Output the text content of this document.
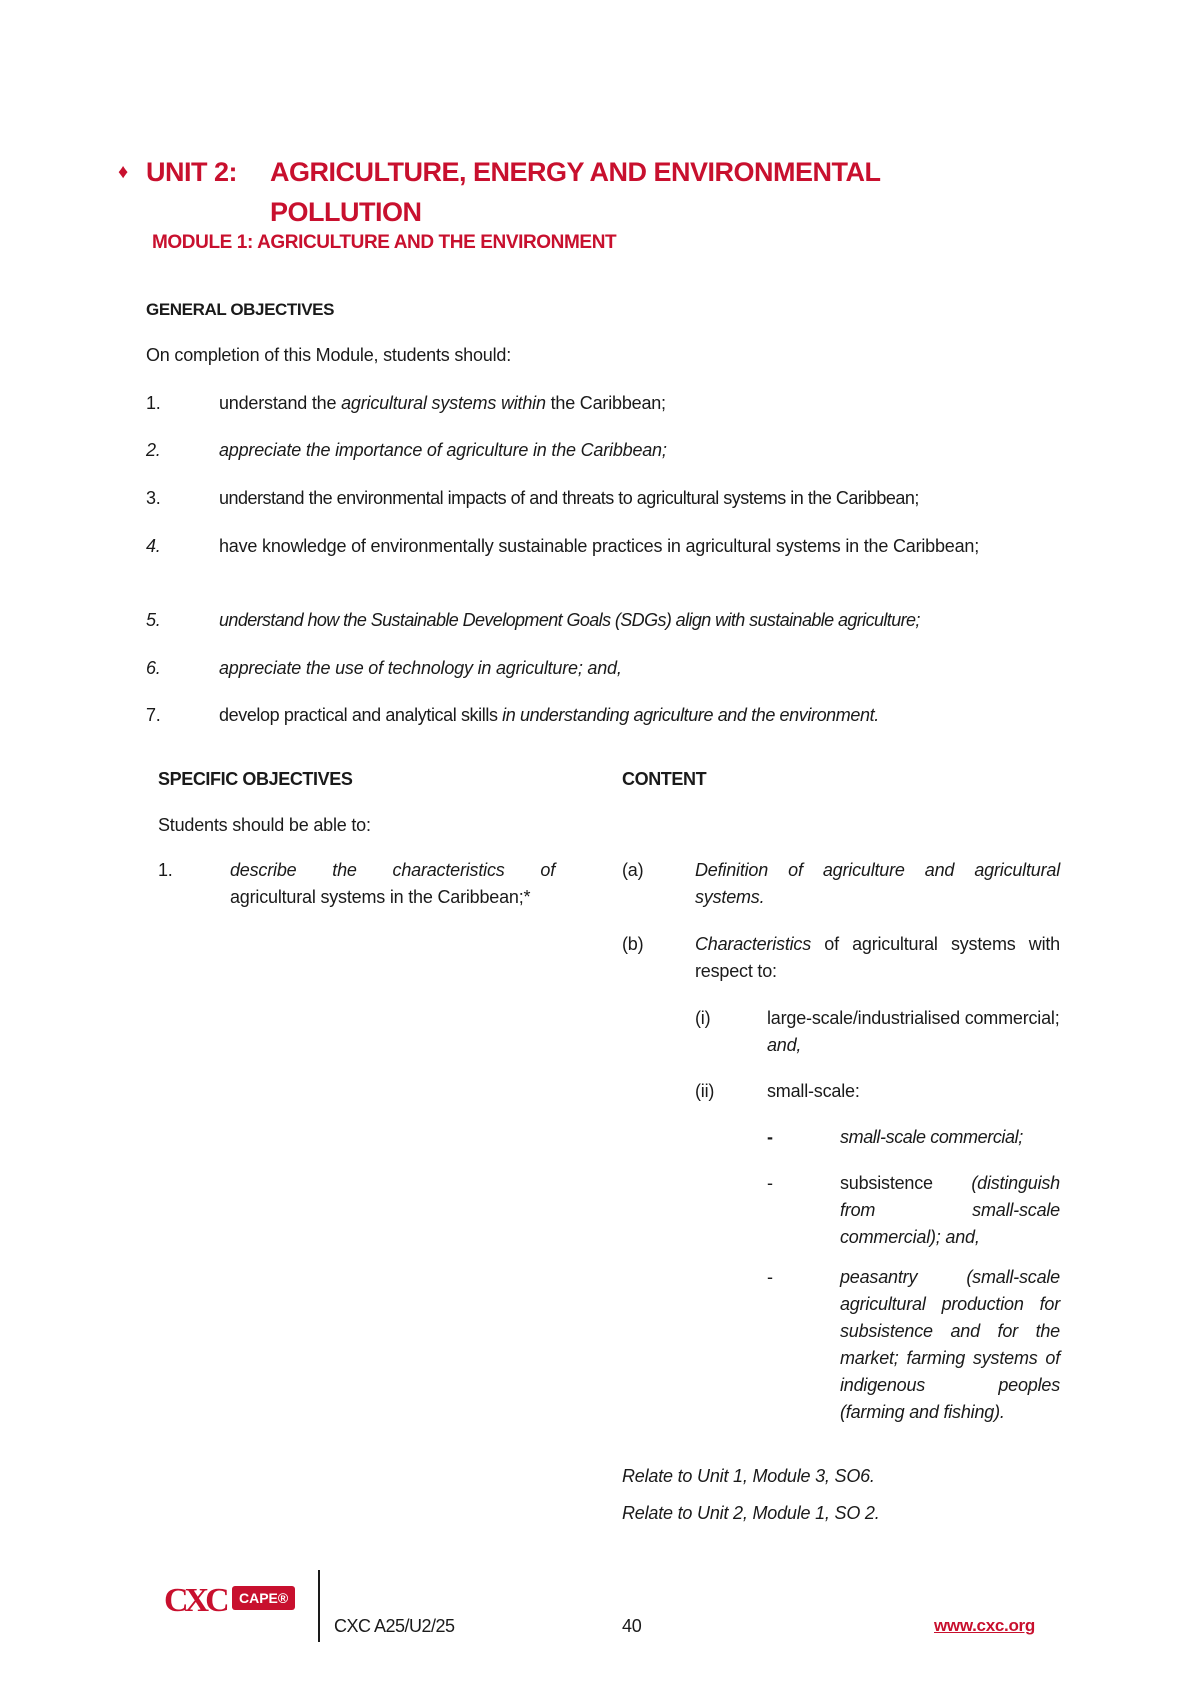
♦ UNIT 2: AGRICULTURE, ENERGY AND ENVIRONMENTAL
POLLUTION
MODULE 1: AGRICULTURE AND THE ENVIRONMENT
GENERAL OBJECTIVES
On completion of this Module, students should:
1.	understand the agricultural systems within the Caribbean;
2.	appreciate the importance of agriculture in the Caribbean;
3.	understand the environmental impacts of and threats to agricultural systems in the Caribbean;
4.	have knowledge of environmentally sustainable practices in agricultural systems in the Caribbean;
5.	understand how the Sustainable Development Goals (SDGs) align with sustainable agriculture;
6.	appreciate the use of technology in agriculture; and,
7.	develop practical and analytical skills in understanding agriculture and the environment.
SPECIFIC OBJECTIVES	CONTENT
Students should be able to:
1.	describe the characteristics of
agricultural systems in the Caribbean;*
(a)	Definition of agriculture and agricultural systems.
(b)	Characteristics of agricultural systems with respect to:
(i)	large-scale/industrialised commercial; and,
(ii)	small-scale:
-	small-scale commercial;
-	subsistence (distinguish from small-scale commercial); and,
-	peasantry (small-scale agricultural production for subsistence and for the market; farming systems of indigenous peoples (farming and fishing).
Relate to Unit 1, Module 3, SO6.
Relate to Unit 2, Module 1, SO 2.
CXC CAPE®
CXC A25/U2/25	40	www.cxc.org
